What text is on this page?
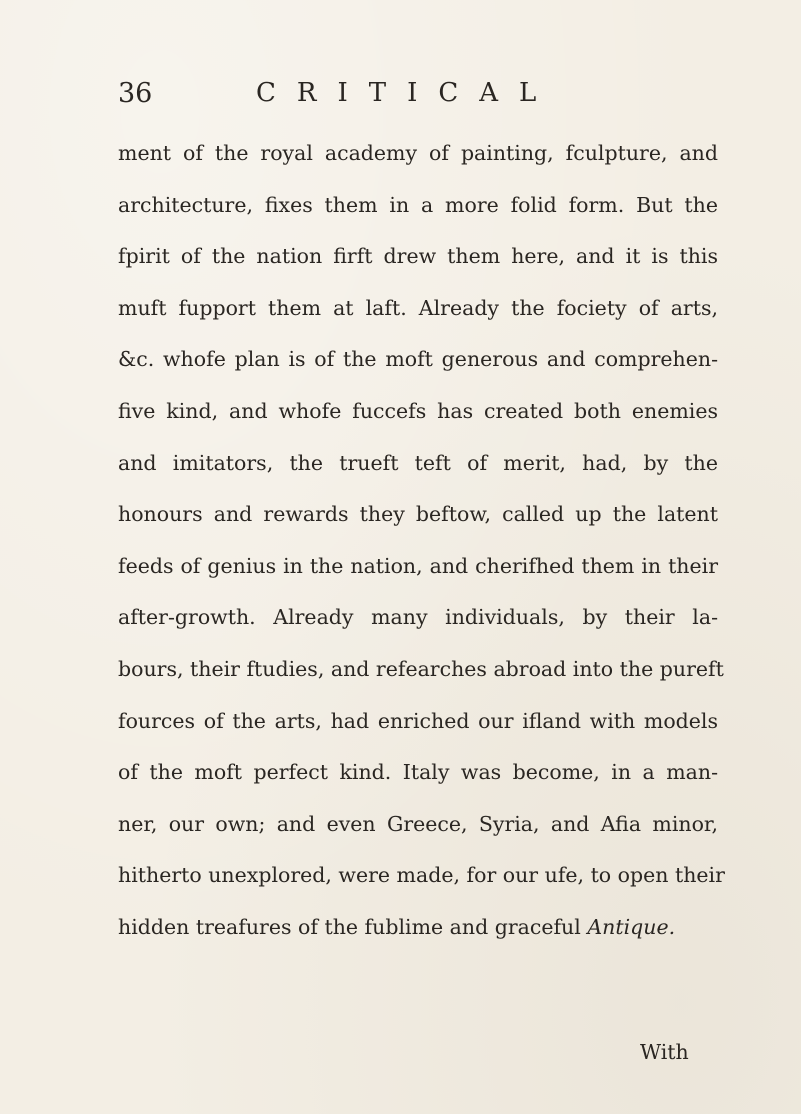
36	CRITICAL
ment of the royal academy of painting, fculpture, and
architecture, fixes them in a more folid form. But the
fpirit of the nation firft drew them here, and it is this
muft fupport them at laft. Already the fociety of arts,
&c. whofe plan is of the moft generous and comprehen-
five kind, and whofe fuccefs has created both enemies
and imitators, the trueft teft of merit, had, by the
honours and rewards they beftow, called up the latent
feeds of genius in the nation, and cherifhed them in their
after-growth. Already many individuals, by their la-
bours, their ftudies, and refearches abroad into the pureft
fources of the arts, had enriched our ifland with models
of the moft perfect kind. Italy was become, in a man-
ner, our own; and even Greece, Syria, and Afia minor,
hitherto unexplored, were made, for our ufe, to open their
hidden treafures of the fublime and graceful Antique.
With
